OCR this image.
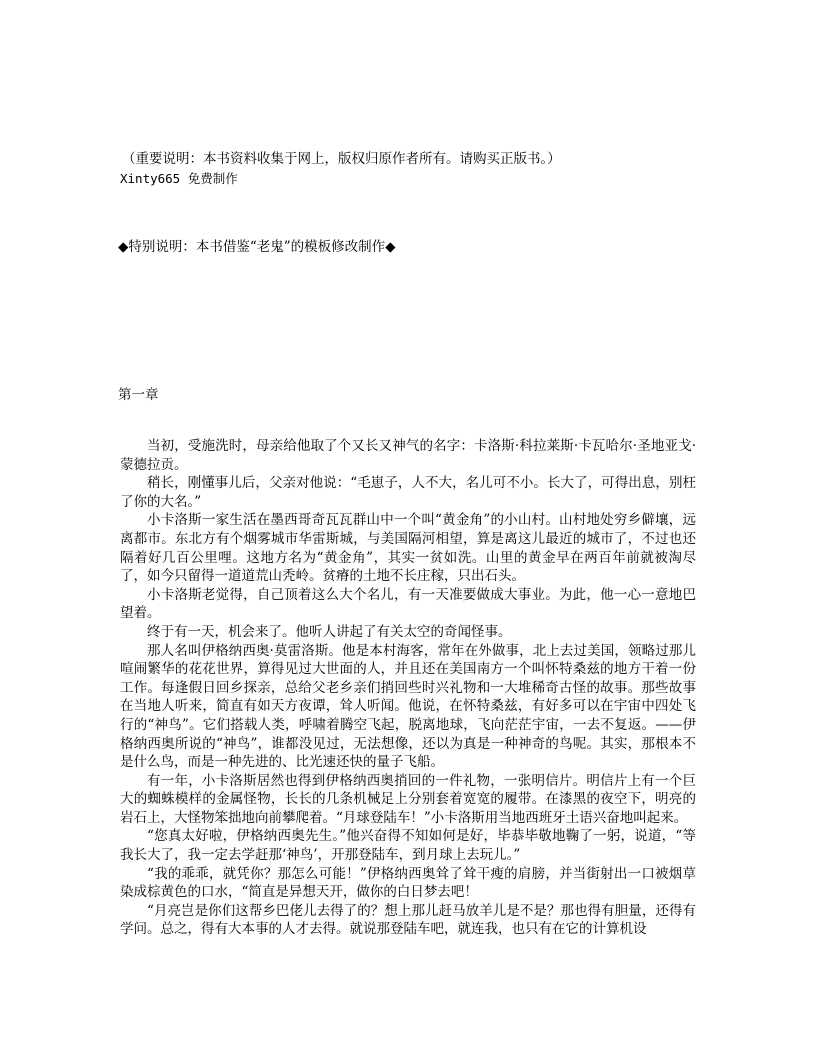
（重要说明：本书资料收集于网上，版权归原作者所有。请购买正版书。）
Xinty665 免费制作
◆特别说明：本书借鉴“老鬼”的模板修改制作◆
第一章

当初，受施洗时，母亲给他取了个又长又神气的名字：卡洛斯·科拉莱斯·卡瓦哈尔·圣地亚戈·蒙德拉贡。

稍长，刚懂事儿后，父亲对他说：“毛崽子，人不大，名儿可不小。长大了，可得出息，别枉了你的大名。”

小卡洛斯一家生活在墨西哥奇瓦瓦群山中一个叫“黄金角”的小山村。山村地处穷乡僻壤，远离都市。东北方有个烟雾城市华雷斯城，与美国隔河相望，算是离这儿最近的城市了，不过也还隔着好几百公里哩。这地方名为“黄金角”，其实一贫如洗。山里的黄金早在两百年前就被淘尽了，如今只留得一道道荒山秃岭。贫瘠的土地不长庄稼，只出石头。

小卡洛斯老觉得，自己顶着这么大个名儿，有一天准要做成大事业。为此，他一心一意地巴望着。

终于有一天，机会来了。他听人讲起了有关太空的奇闻怪事。

那人名叫伊格纳西奥·莫雷洛斯。他是本村海客，常年在外做事，北上去过美国，领略过那儿喧闹繁华的花花世界，算得见过大世面的人，并且还在美国南方一个叫怀特桑兹的地方干着一份工作。每逢假日回乡探亲，总给父老乡亲们捎回些时兴礼物和一大堆稀奇古怪的故事。那些故事在当地人听来，简直有如天方夜谭，耸人听闻。他说，在怀特桑兹，有好多可以在宇宙中四处飞行的“神鸟”。它们搭载人类，呼啸着腾空飞起，脱离地球，飞向茫茫宇宙，一去不复返。——伊格纳西奥所说的“神鸟”，谁都没见过，无法想像，还以为真是一种神奇的鸟呢。其实，那根本不是什么鸟，而是一种先进的、比光速还快的量子飞船。

有一年，小卡洛斯居然也得到伊格纳西奥捎回的一件礼物，一张明信片。明信片上有一个巨大的蜘蛛模样的金属怪物，长长的几条机械足上分别套着宽宽的履带。在漆黑的夜空下，明亮的岩石上，大怪物笨拙地向前攀爬着。“月球登陆车！”小卡洛斯用当地西班牙土语兴奋地叫起来。

“您真太好啦，伊格纳西奥先生。”他兴奋得不知如何是好，毕恭毕敬地鞠了一躬，说道，“等我长大了，我一定去学赶那‘神鸟’，开那登陆车，到月球上去玩儿。”

“我的乖乖，就凭你？那怎么可能！”伊格纳西奥耸了耸干瘦的肩膀，并当街射出一口被烟草染成棕黄色的口水，“简直是异想天开，做你的白日梦去吧！

“月亮岂是你们这帮乡巴佬儿去得了的？想上那儿赶马放羊儿是不是？那也得有胆量，还得有学问。总之，得有大本事的人才去得。就说那登陆车吧，就连我，也只有在它的计算机设
